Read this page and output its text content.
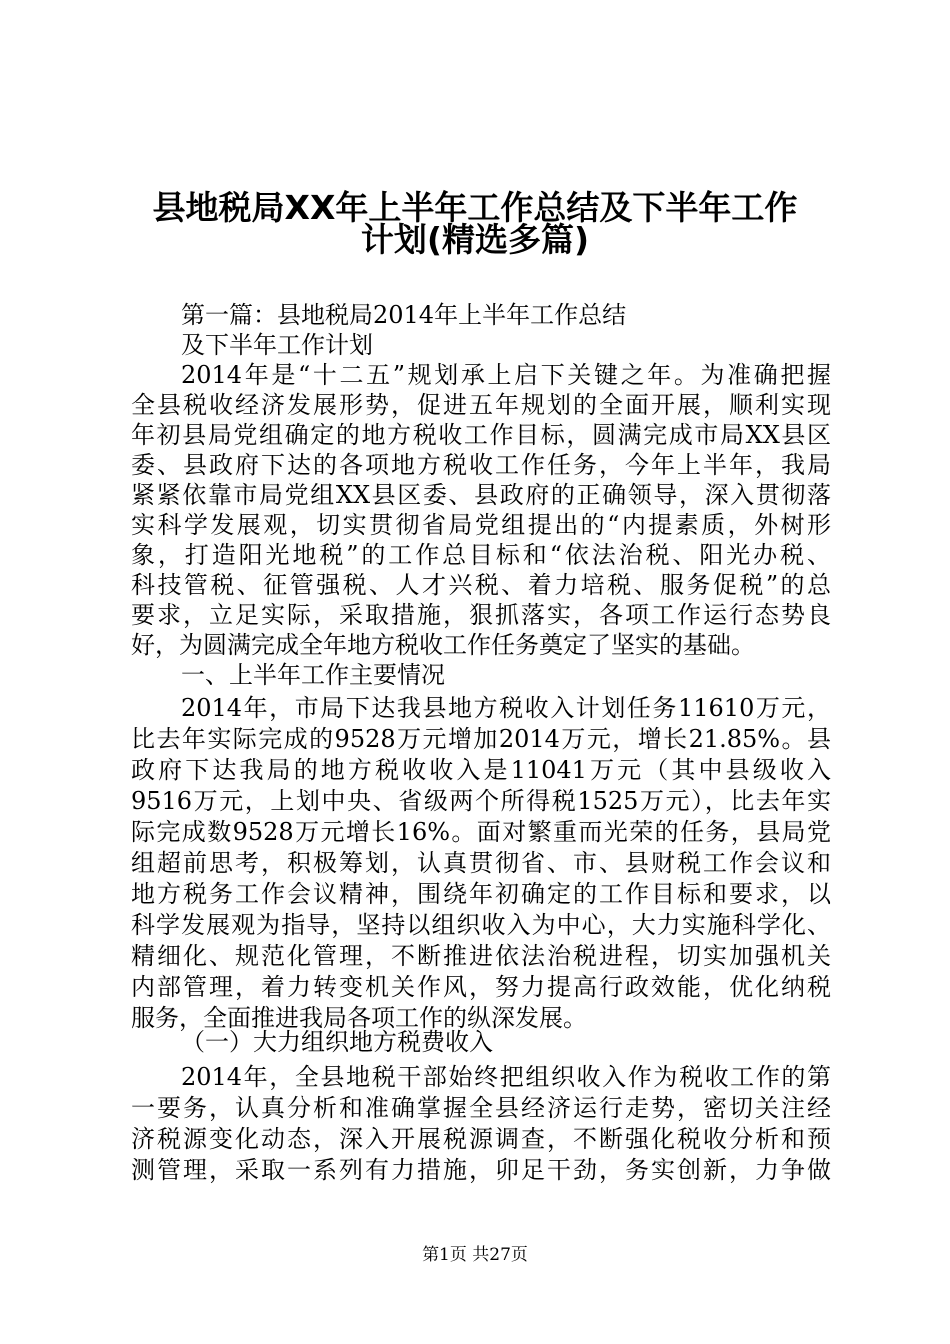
县地税局XX年上半年工作总结及下半年工作
计划(精选多篇)
第一篇：县地税局2014年上半年工作总结
及下半年工作计划
2014年是“十二五”规划承上启下关键之年。为准确把握
全县税收经济发展形势，促进五年规划的全面开展，顺利实现
年初县局党组确定的地方税收工作目标，圆满完成市局XX县区
委、县政府下达的各项地方税收工作任务，今年上半年，我局
紧紧依靠市局党组XX县区委、县政府的正确领导，深入贯彻落
实科学发展观，切实贯彻省局党组提出的“内提素质，外树形
象，打造阳光地税”的工作总目标和“依法治税、阳光办税、
科技管税、征管强税、人才兴税、着力培税、服务促税”的总
要求，立足实际，采取措施，狠抓落实，各项工作运行态势良
好，为圆满完成全年地方税收工作任务奠定了坚实的基础。
一、上半年工作主要情况
2014年，市局下达我县地方税收入计划任务11610万元，
比去年实际完成的9528万元增加2014万元，增长21.85%。县
政府下达我局的地方税收收入是11041万元（其中县级收入
9516万元，上划中央、省级两个所得税1525万元），比去年实
际完成数9528万元增长16%。面对繁重而光荣的任务，县局党
组超前思考，积极筹划，认真贯彻省、市、县财税工作会议和
地方税务工作会议精神，围绕年初确定的工作目标和要求，以
科学发展观为指导，坚持以组织收入为中心，大力实施科学化、
精细化、规范化管理，不断推进依法治税进程，切实加强机关
内部管理，着力转变机关作风，努力提高行政效能，优化纳税
服务，全面推进我局各项工作的纵深发展。
（一）大力组织地方税费收入
2014年，全县地税干部始终把组织收入作为税收工作的第
一要务，认真分析和准确掌握全县经济运行走势，密切关注经
济税源变化动态，深入开展税源调查，不断强化税收分析和预
测管理，采取一系列有力措施，卯足干劲，务实创新，力争做
第1页 共27页
